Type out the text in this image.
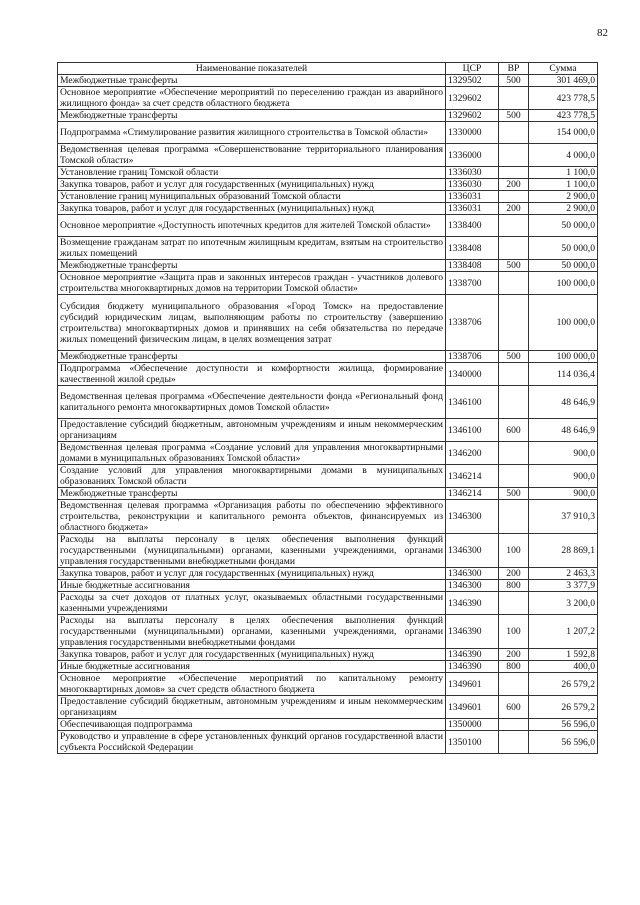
82
Наименование показателей	ЦСР	ВР	Сумма
Межбюджетные трансферты	1329502	500	301 469,0
Основное мероприятие «Обеспечение мероприятий по переселению граждан из аварийного жилищного фонда» за счет средств областного бюджета	1329602		423 778,5
Межбюджетные трансферты	1329602	500	423 778,5
Подпрограмма «Стимулирование развития жилищного строительства в Томской области»	1330000		154 000,0
Ведомственная целевая программа «Совершенствование территориального планирования Томской области»	1336000		4 000,0
Установление границ Томской области	1336030		1 100,0
Закупка товаров, работ и услуг для государственных (муниципальных) нужд	1336030	200	1 100,0
Установление границ муниципальных образований Томской области	1336031		2 900,0
Закупка товаров, работ и услуг для государственных (муниципальных) нужд	1336031	200	2 900,0
Основное мероприятие «Доступность ипотечных кредитов для жителей Томской области»	1338400		50 000,0
Возмещение гражданам затрат по ипотечным жилищным кредитам, взятым на строительство жилых помещений	1338408		50 000,0
Межбюджетные трансферты	1338408	500	50 000,0
Основное мероприятие «Защита прав и законных интересов граждан - участников долевого строительства многоквартирных домов на территории Томской области»	1338700		100 000,0
Субсидия бюджету муниципального образования «Город Томск» на предоставление субсидий юридическим лицам, выполняющим работы по строительству (завершению строительства) многоквартирных домов и принявших на себя обязательства по передаче жилых помещений физическим лицам, в целях возмещения затрат	1338706		100 000,0
Межбюджетные трансферты	1338706	500	100 000,0
Подпрограмма «Обеспечение доступности и комфортности жилища, формирование качественной жилой среды»	1340000		114 036,4
Ведомственная целевая программа «Обеспечение деятельности фонда «Региональный фонд капитального ремонта многоквартирных домов Томской области»	1346100		48 646,9
Предоставление субсидий бюджетным, автономным учреждениям и иным некоммерческим организациям	1346100	600	48 646,9
Ведомственная целевая программа «Создание условий для управления многоквартирными домами в муниципальных образованиях Томской области»	1346200		900,0
Создание условий для управления многоквартирными домами в муниципальных образованиях Томской области	1346214		900,0
Межбюджетные трансферты	1346214	500	900,0
Ведомственная целевая программа «Организация работы по обеспечению эффективного строительства, реконструкции и капитального ремонта объектов, финансируемых из областного бюджета»	1346300		37 910,3
Расходы на выплаты персоналу в целях обеспечения выполнения функций государственными (муниципальными) органами, казенными учреждениями, органами управления государственными внебюджетными фондами	1346300	100	28 869,1
Закупка товаров, работ и услуг для государственных (муниципальных) нужд	1346300	200	2 463,3
Иные бюджетные ассигнования	1346300	800	3 377,9
Расходы за счет доходов от платных услуг, оказываемых областными государственными казенными учреждениями	1346390		3 200,0
Расходы на выплаты персоналу в целях обеспечения выполнения функций государственными (муниципальными) органами, казенными учреждениями, органами управления государственными внебюджетными фондами	1346390	100	1 207,2
Закупка товаров, работ и услуг для государственных (муниципальных) нужд	1346390	200	1 592,8
Иные бюджетные ассигнования	1346390	800	400,0
Основное мероприятие «Обеспечение мероприятий по капитальному ремонту многоквартирных домов» за счет средств областного бюджета	1349601		26 579,2
Предоставление субсидий бюджетным, автономным учреждениям и иным некоммерческим организациям	1349601	600	26 579,2
Обеспечивающая подпрограмма	1350000		56 596,0
Руководство и управление в сфере установленных функций органов государственной власти субъекта Российской Федерации	1350100		56 596,0
